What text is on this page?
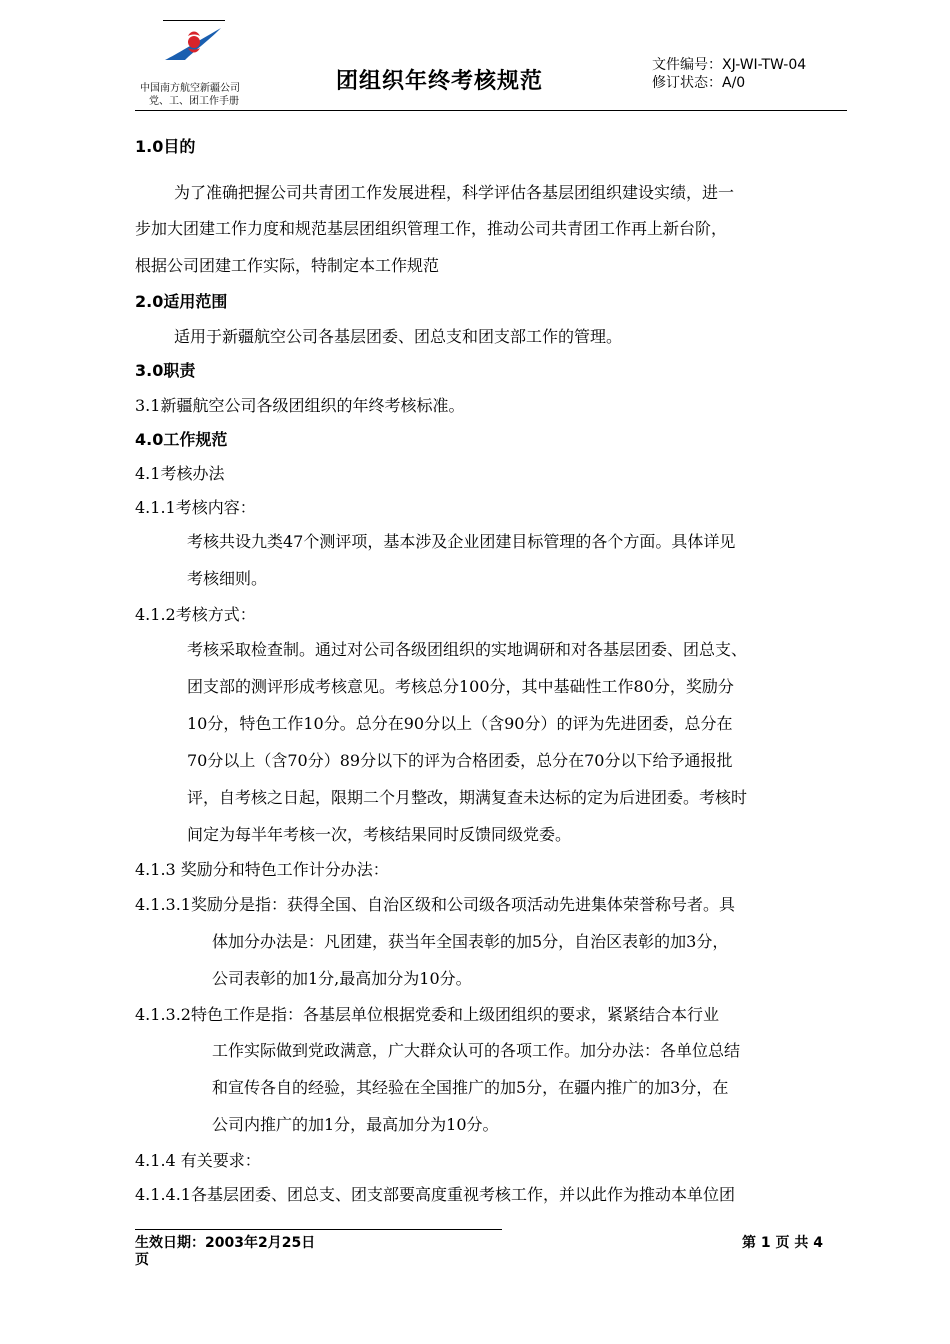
中国南方航空新疆公司
党、工、团工作手册
团组织年终考核规范
文件编号：XJ-WI-TW-04
修订状态：A/0
1.0目的
为了准确把握公司共青团工作发展进程，科学评估各基层团组织建设实绩，进一
步加大团建工作力度和规范基层团组织管理工作，推动公司共青团工作再上新台阶，
根据公司团建工作实际，特制定本工作规范
2.0适用范围
适用于新疆航空公司各基层团委、团总支和团支部工作的管理。
3.0职责
3.1新疆航空公司各级团组织的年终考核标准。
4.0工作规范
4.1考核办法
4.1.1考核内容：
考核共设九类47个测评项，基本涉及企业团建目标管理的各个方面。具体详见
考核细则。
4.1.2考核方式：
考核采取检查制。通过对公司各级团组织的实地调研和对各基层团委、团总支、
团支部的测评形成考核意见。考核总分100分，其中基础性工作80分，奖励分
10分，特色工作10分。总分在90分以上（含90分）的评为先进团委，总分在
70分以上（含70分）89分以下的评为合格团委，总分在70分以下给予通报批
评，自考核之日起，限期二个月整改，期满复查未达标的定为后进团委。考核时
间定为每半年考核一次，考核结果同时反馈同级党委。
4.1.3 奖励分和特色工作计分办法：
4.1.3.1奖励分是指：获得全国、自治区级和公司级各项活动先进集体荣誉称号者。具
体加分办法是：凡团建，获当年全国表彰的加5分，自治区表彰的加3分，
公司表彰的加1分,最高加分为10分。
4.1.3.2特色工作是指：各基层单位根据党委和上级团组织的要求，紧紧结合本行业
工作实际做到党政满意，广大群众认可的各项工作。加分办法：各单位总结
和宣传各自的经验，其经验在全国推广的加5分，在疆内推广的加3分，在
公司内推广的加1分，最高加分为10分。
4.1.4 有关要求：
4.1.4.1各基层团委、团总支、团支部要高度重视考核工作，并以此作为推动本单位团
生效日期：2003年2月25日
页
第 1 页 共 4
